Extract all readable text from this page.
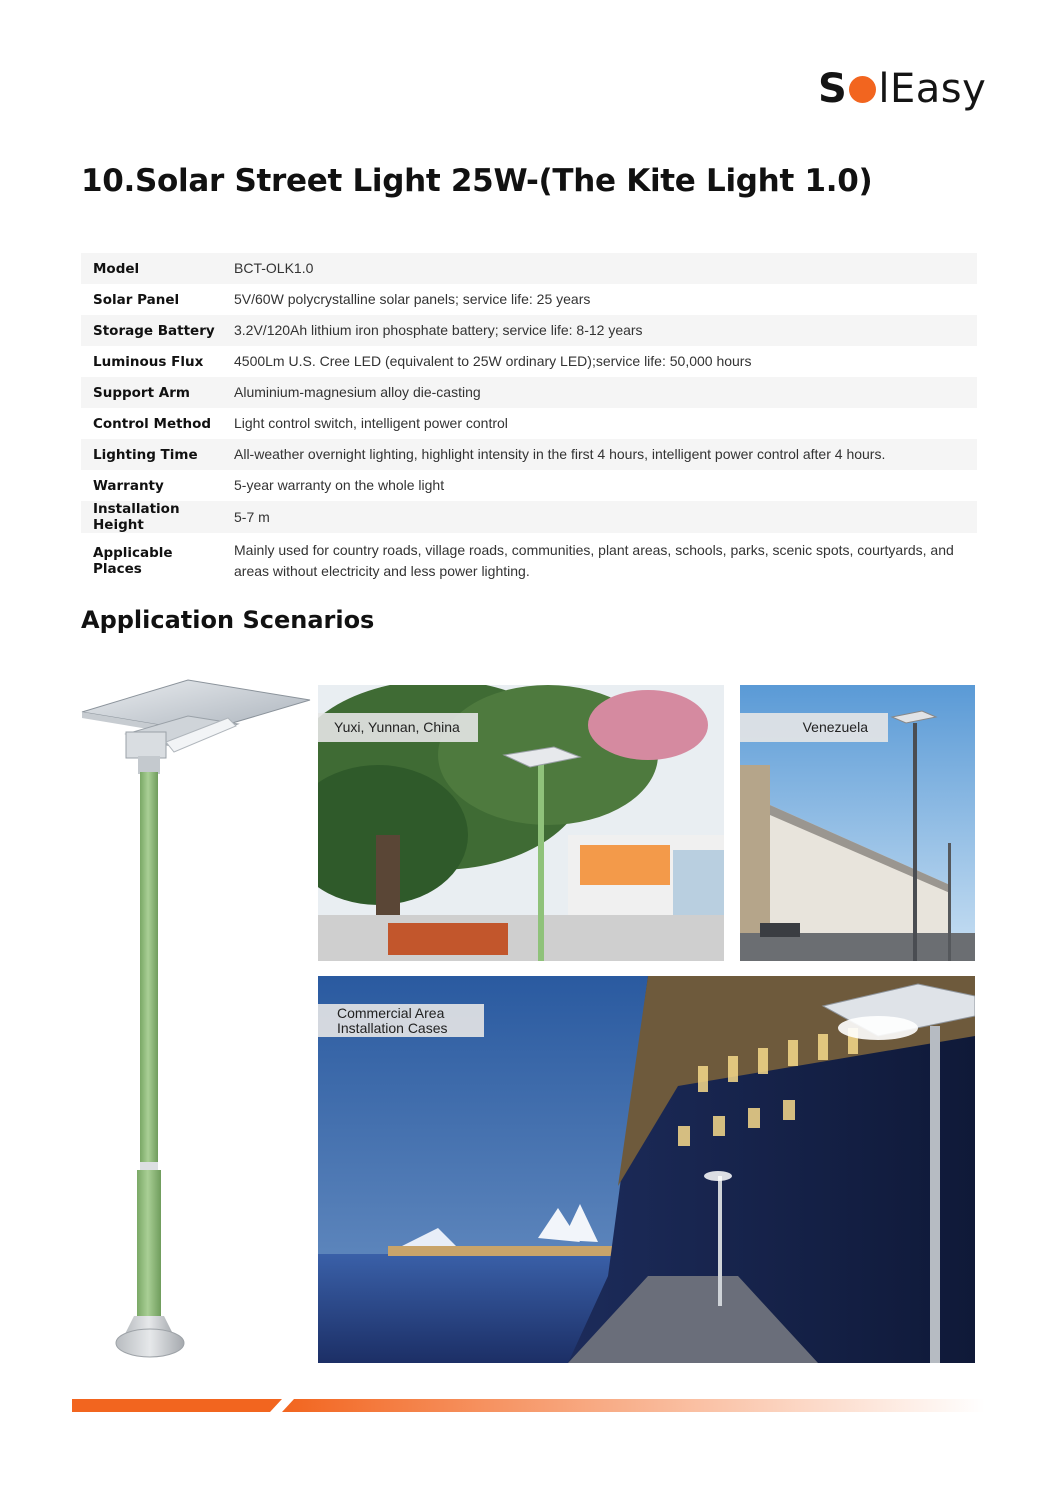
S lEasy
10.Solar Street Light 25W-(The Kite Light 1.0)
Model	BCT-OLK1.0
Solar Panel	5V/60W polycrystalline solar panels; service life: 25 years
Storage Battery	3.2V/120Ah lithium iron phosphate battery; service life: 8-12 years
Luminous Flux	4500Lm U.S. Cree LED (equivalent to 25W ordinary LED);service life: 50,000 hours
Support Arm	Aluminium-magnesium alloy die-casting
Control Method	Light control switch, intelligent power control
Lighting Time	All-weather overnight lighting, highlight intensity in the first 4 hours, intelligent power control after 4 hours.
Warranty	5-year warranty on the whole light
Installation Height	5-7 m
Applicable Places	Mainly used for country roads, village roads, communities, plant areas, schools, parks, scenic spots, courtyards, and areas without electricity and less power lighting.
Application Scenarios
Yuxi, Yunnan, China	Venezuela
Commercial Area
Installation Cases
